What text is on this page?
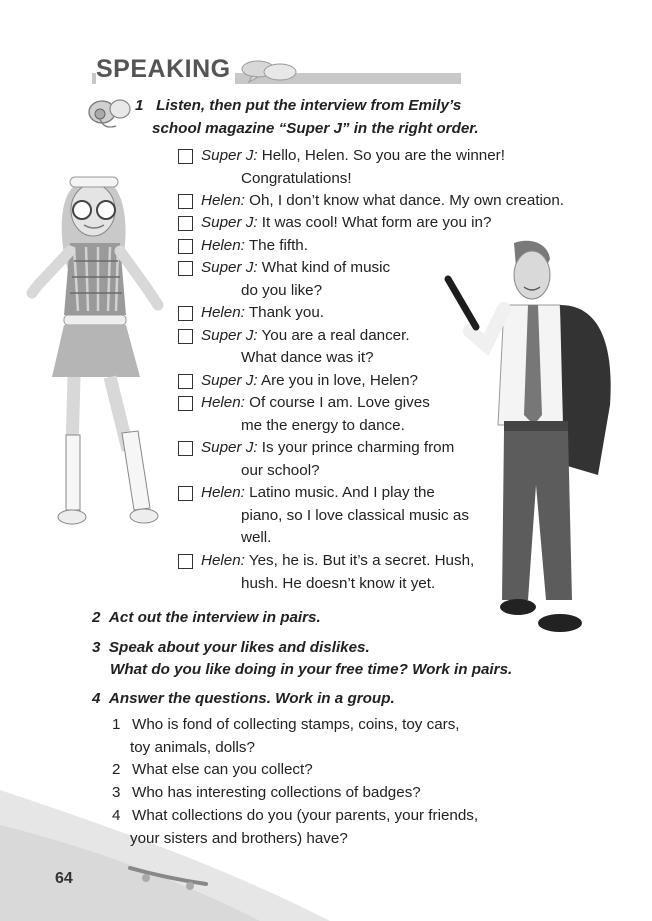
SPEAKING
1 Listen, then put the interview from Emily’s
school magazine “Super J” in the right order.
Super J: Hello, Helen. So you are the winner!
Congratulations!
Helen: Oh, I don’t know what dance. My own creation.
Super J: It was cool! What form are you in?
Helen: The fifth.
Super J: What kind of music
do you like?
Helen: Thank you.
Super J: You are a real dancer.
What dance was it?
Super J: Are you in love, Helen?
Helen: Of course I am. Love gives
me the energy to dance.
Super J: Is your prince charming from
our school?
Helen: Latino music. And I play the
piano, so I love classical music as
well.
Helen: Yes, he is. But it’s a secret. Hush,
hush. He doesn’t know it yet.
2 Act out the interview in pairs.
3 Speak about your likes and dislikes.
What do you like doing in your free time? Work in pairs.
4 Answer the questions. Work in a group.
1 Who is fond of collecting stamps, coins, toy cars,
toy animals, dolls?
2 What else can you collect?
3 Who has interesting collections of badges?
4 What collections do you (your parents, your friends,
your sisters and brothers) have?
64
